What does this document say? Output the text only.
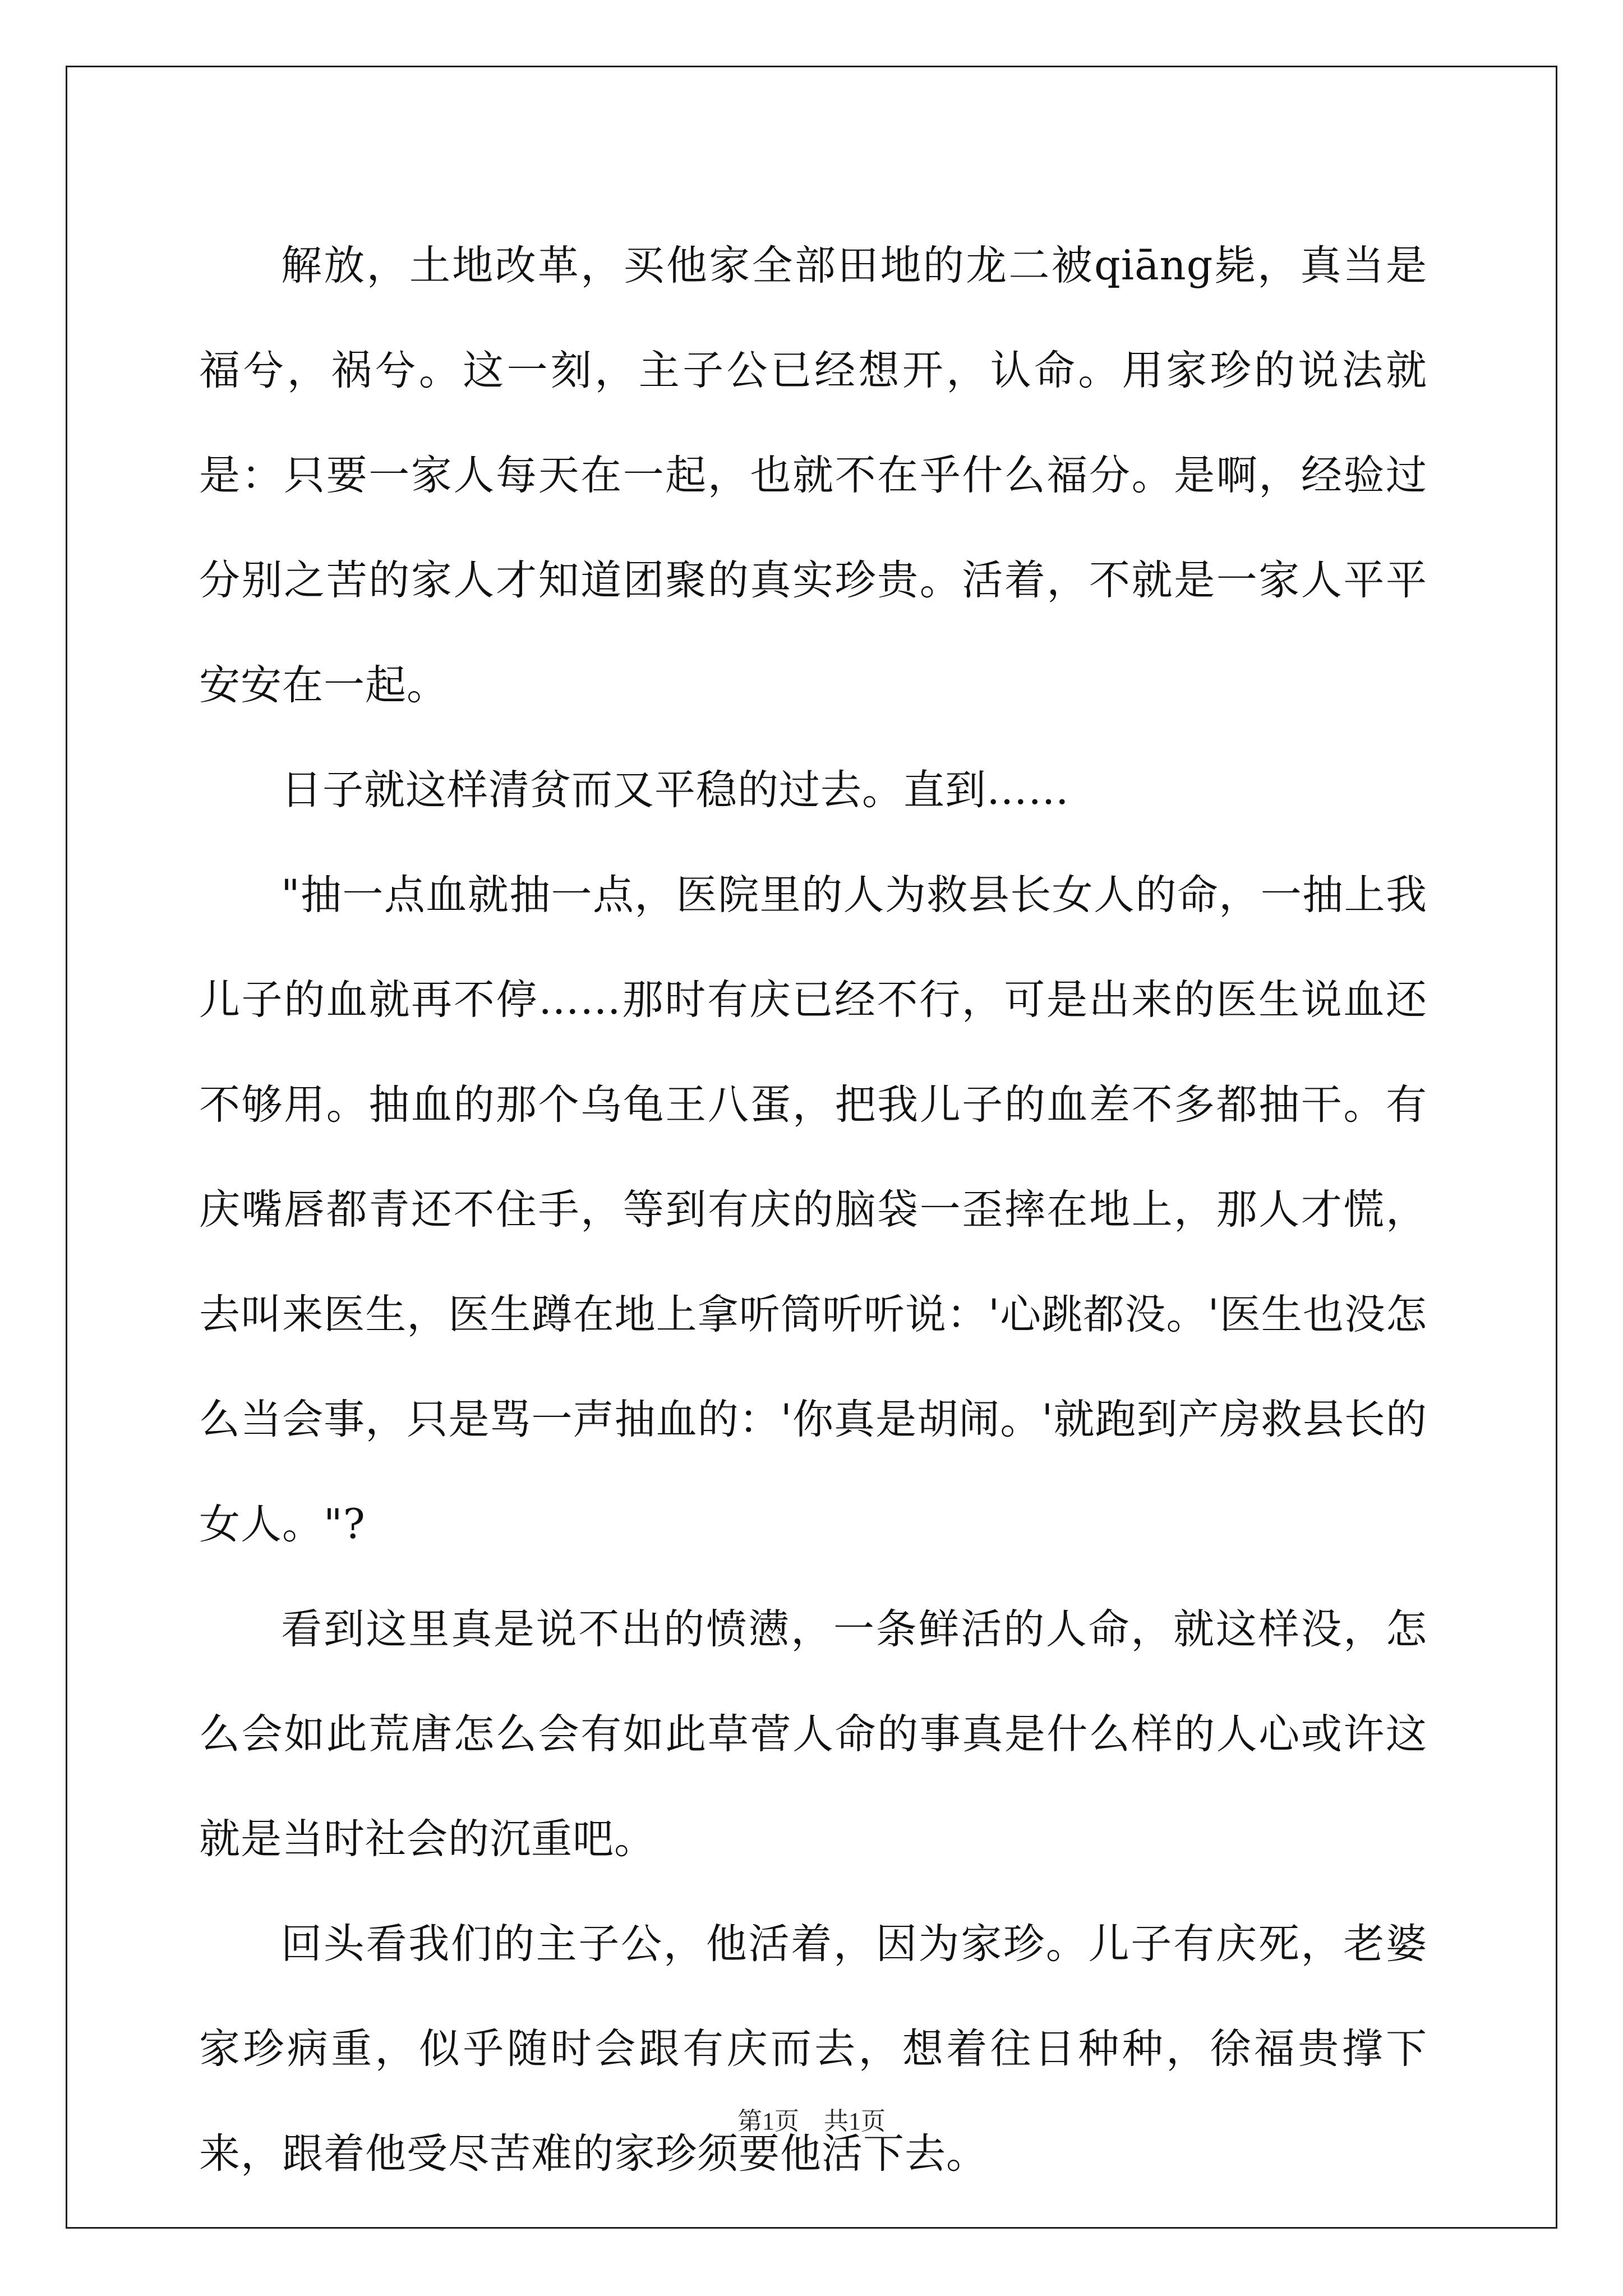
解放，土地改革，买他家全部田地的龙二被qiāng毙，真当是福兮，祸兮。这一刻，主子公已经想开，认命。用家珍的说法就是：只要一家人每天在一起，也就不在乎什么福分。是啊，经验过分别之苦的家人才知道团聚的真实珍贵。活着，不就是一家人平平安安在一起。

日子就这样清贫而又平稳的过去。直到……

"抽一点血就抽一点，医院里的人为救县长女人的命，一抽上我儿子的血就再不停……那时有庆已经不行，可是出来的医生说血还不够用。抽血的那个乌龟王八蛋，把我儿子的血差不多都抽干。有庆嘴唇都青还不住手，等到有庆的脑袋一歪摔在地上，那人才慌，去叫来医生，医生蹲在地上拿听筒听听说：'心跳都没。'医生也没怎么当会事，只是骂一声抽血的：'你真是胡闹。'就跑到产房救县长的女人。"?

看到这里真是说不出的愤懑，一条鲜活的人命，就这样没，怎么会如此荒唐怎么会有如此草菅人命的事真是什么样的人心或许这就是当时社会的沉重吧。

回头看我们的主子公，他活着，因为家珍。儿子有庆死，老婆家珍病重，似乎随时会跟有庆而去，想着往日种种，徐福贵撑下来，跟着他受尽苦难的家珍须要他活下去。

第1页　共1页
